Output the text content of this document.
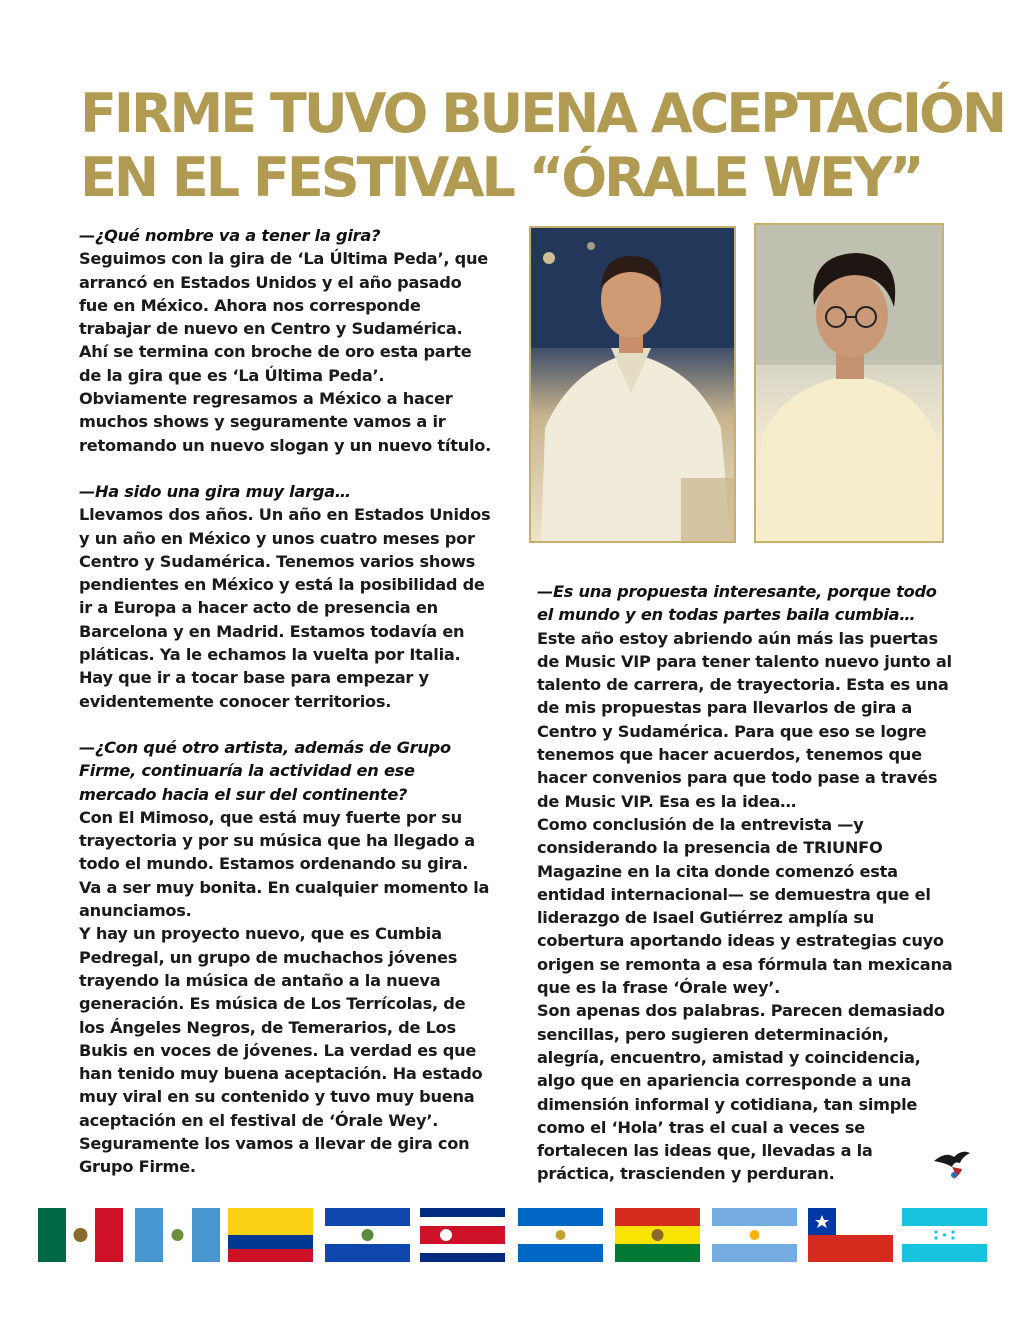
FIRME TUVO BUENA ACEPTACIÓN
EN EL FESTIVAL “ÓRALE WEY”

—¿Qué nombre va a tener la gira?

Seguimos con la gira de ‘La Última Peda’, que arrancó en Estados Unidos y el año pasado fue en México. Ahora nos corresponde trabajar de nuevo en Centro y Sudamérica. Ahí se termina con broche de oro esta parte de la gira que es ‘La Última Peda’. Obviamente regresamos a México a hacer muchos shows y seguramente vamos a ir retomando un nuevo slogan y un nuevo título.

—Ha sido una gira muy larga…

Llevamos dos años. Un año en Estados Unidos y un año en México y unos cuatro meses por Centro y Sudamérica. Tenemos varios shows pendientes en México y está la posibilidad de ir a Europa a hacer acto de presencia en Barcelona y en Madrid. Estamos todavía en pláticas. Ya le echamos la vuelta por Italia. Hay que ir a tocar base para empezar y evidentemente conocer territorios.

—¿Con qué otro artista, además de Grupo Firme, continuaría la actividad en ese mercado hacia el sur del continente?

Con El Mimoso, que está muy fuerte por su trayectoria y por su música que ha llegado a todo el mundo. Estamos ordenando su gira. Va a ser muy bonita. En cualquier momento la anunciamos.

Y hay un proyecto nuevo, que es Cumbia Pedregal, un grupo de muchachos jóvenes trayendo la música de antaño a la nueva generación. Es música de Los Terrícolas, de los Ángeles Negros, de Temerarios, de Los Bukis en voces de jóvenes. La verdad es que han tenido muy buena aceptación. Ha estado muy viral en su contenido y tuvo muy buena aceptación en el festival de ‘Órale Wey’. Seguramente los vamos a llevar de gira con Grupo Firme.

—Es una propuesta interesante, porque todo el mundo y en todas partes baila cumbia…

Este año estoy abriendo aún más las puertas de Music VIP para tener talento nuevo junto al talento de carrera, de trayectoria. Esta es una de mis propuestas para llevarlos de gira a Centro y Sudamérica. Para que eso se logre tenemos que hacer acuerdos, tenemos que hacer convenios para que todo pase a través de Music VIP. Esa es la idea…

Como conclusión de la entrevista —y considerando la presencia de TRIUNFO Magazine en la cita donde comenzó esta entidad internacional— se demuestra que el liderazgo de Isael Gutiérrez amplía su cobertura aportando ideas y estrategias cuyo origen se remonta a esa fórmula tan mexicana que es la frase ‘Órale wey’.

Son apenas dos palabras. Parecen demasiado sencillas, pero sugieren determinación, alegría, encuentro, amistad y coincidencia, algo que en apariencia corresponde a una dimensión informal y cotidiana, tan simple como el ‘Hola’ tras el cual a veces se fortalecen las ideas que, llevadas a la práctica, trascienden y perduran.
